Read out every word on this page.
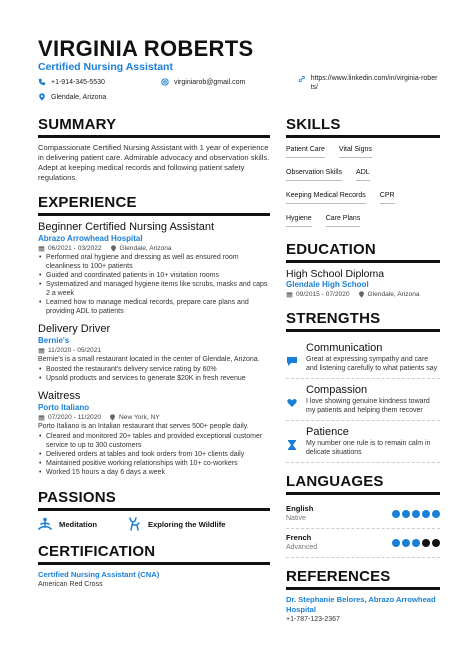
VIRGINIA ROBERTS
Certified Nursing Assistant
+1-914-345-5530	virginiarob@gmail.com
Glendale, Arizona
https://www.linkedin.com/in/virginia-roberts/
SUMMARY
Compassionate Certified Nursing Assistant with 1 year of experience in delivering patient care. Admirable advocacy and observation skills. Adept at keeping medical records and following patient safety regulations.
EXPERIENCE
Beginner Certified Nursing Assistant
Abrazo Arrowhead Hospital
06/2021 - 03/2022	Glendale, Arizona
• Performed oral hygiene and dressing as well as ensured room cleanliness to 100+ patients
• Guided and coordinated patients in 10+ visitation rooms
• Systematized and managed hygiene items like scrubs, masks and caps 2 a week
• Learned how to manage medical records, prepare care plans and providing ADL to patients
Delivery Driver
Bernie's
11/2020 - 05/2021
Bernie's is a small restaurant located in the center of Glendale, Arizona.
• Boosted the restaurant's delivery service rating by 60%
• Upsold products and services to generate $20K in fresh revenue
Waitress
Porto Italiano
07/2020 - 11/2020	New York, NY
Porto Italiano is an Intalian restaurant that serves 500+ people daily.
• Cleared and monitored 20+ tables and provided exceptional customer service to up to 300 customers
• Delivered orders at tables and took orders from 10+ clients daily
• Maintained positive working relationships with 10+ co-workers
• Worked 15 hours a day 6 days a week
PASSIONS
Meditation	Exploring the Wildlife
CERTIFICATION
Certified Nursing Assistant (CNA)
American Red Cross
SKILLS
Patient Care Vital Signs
Observation Skills ADL
Keeping Medical Records CPR
Hygiene Care Plans
EDUCATION
High School Diploma
Glendale High School
09/2015 - 07/2020	Glendale, Arizona
STRENGTHS
Communication
Great at expressing sympathy and care and listening carefully to what patients say
Compassion
I love showing genuine kindness toward my patients and helping them recover
Patience
My number one rule is to remain calm in delicate situations
LANGUAGES
English
Native
French
Advanced
REFERENCES
Dr. Stephanie Belores, Abrazo Arrowhead Hospital
+1-787-123-2367
